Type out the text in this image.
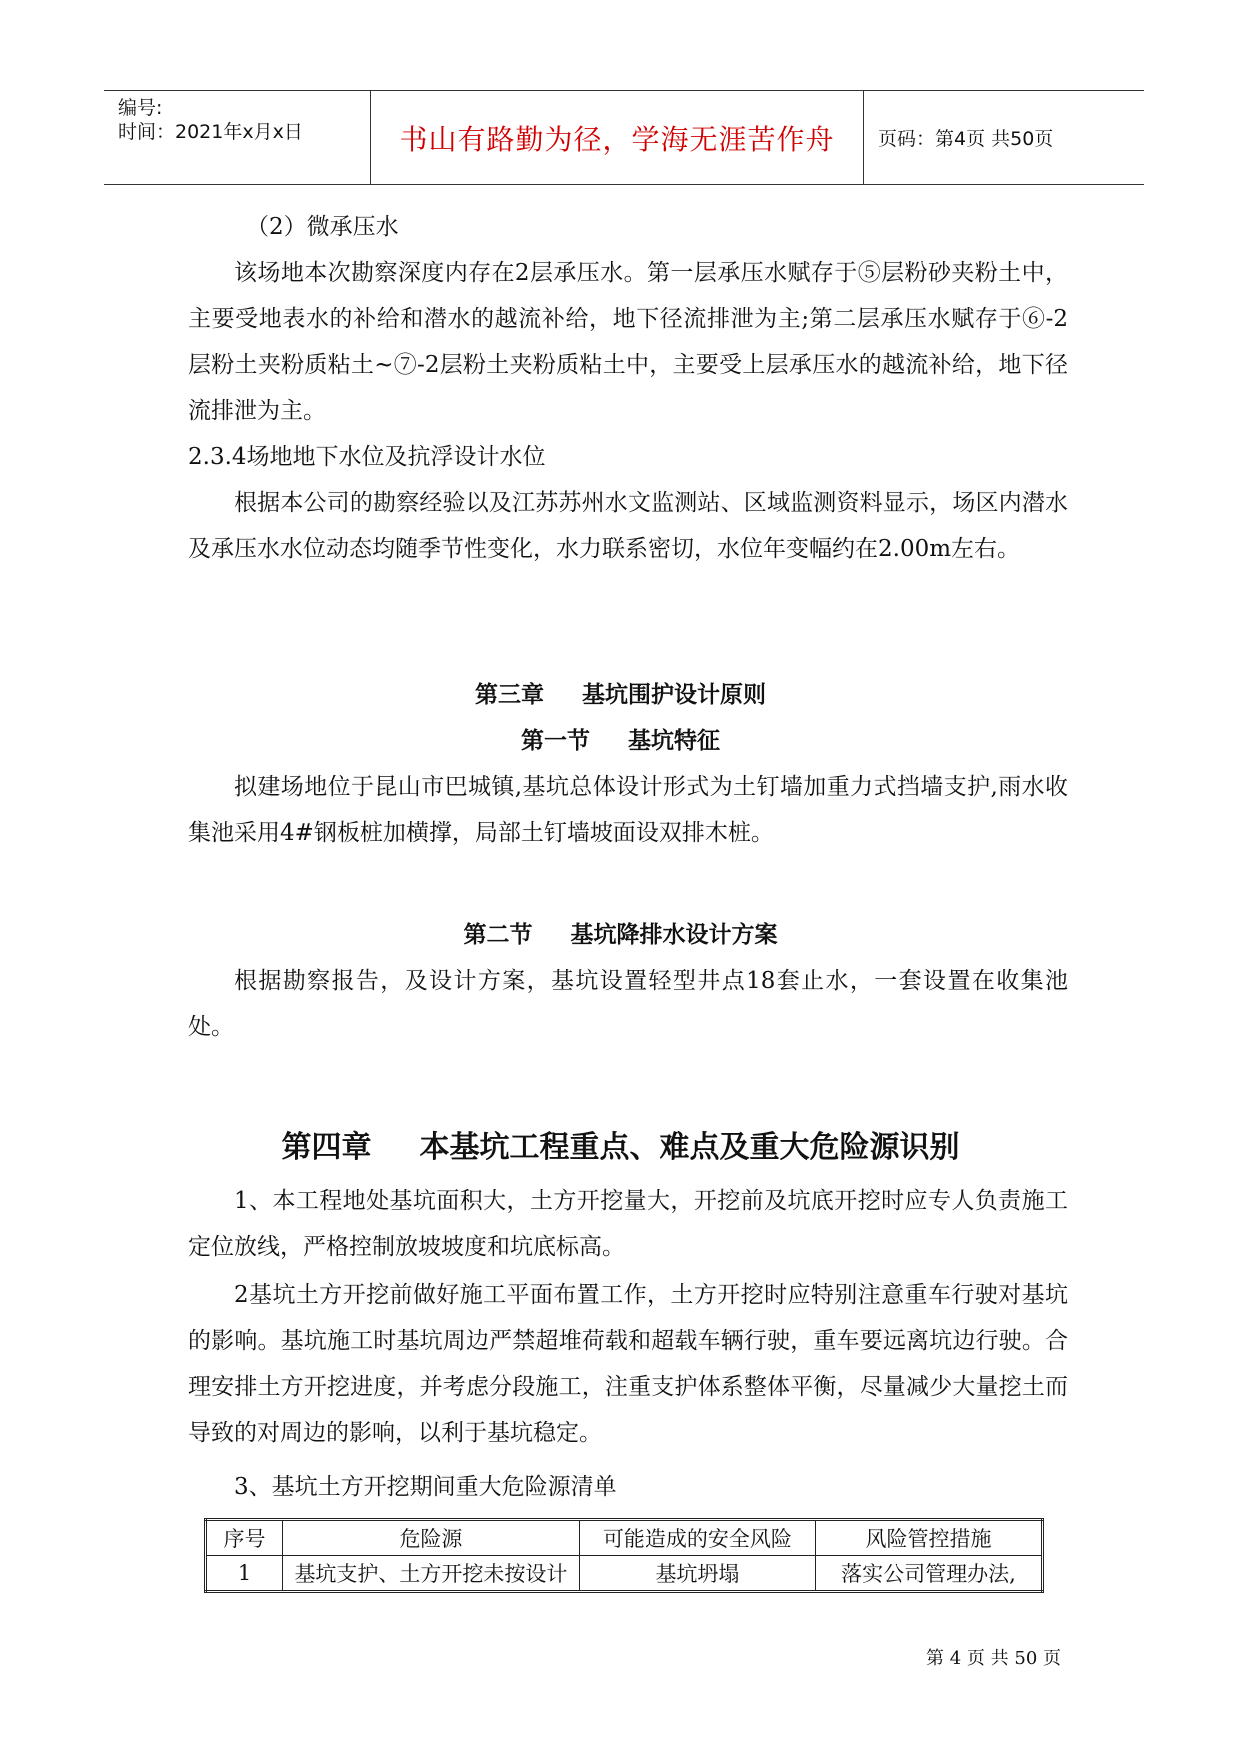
编号:
时间：2021年x月x日	书山有路勤为径，学海无涯苦作舟 页码：第4页 共50页

（2）微承压水

该场地本次勘察深度内存在2层承压水。第一层承压水赋存于⑤层粉砂夹粉土中，主要受地表水的补给和潜水的越流补给，地下径流排泄为主;第二层承压水赋存于⑥-2层粉土夹粉质粘土~⑦-2层粉土夹粉质粘土中，主要受上层承压水的越流补给，地下径流排泄为主。

2.3.4场地地下水位及抗浮设计水位

根据本公司的勘察经验以及江苏苏州水文监测站、区域监测资料显示，场区内潜水及承压水水位动态均随季节性变化，水力联系密切，水位年变幅约在2.00m左右。

第三章 基坑围护设计原则

第一节 基坑特征

拟建场地位于昆山市巴城镇,基坑总体设计形式为土钉墙加重力式挡墙支护,雨水收集池采用4#钢板桩加横撑，局部土钉墙坡面设双排木桩。

第二节 基坑降排水设计方案

根据勘察报告，及设计方案，基坑设置轻型井点18套止水，一套设置在收集池处。

第四章 本基坑工程重点、难点及重大危险源识别

1、本工程地处基坑面积大，土方开挖量大，开挖前及坑底开挖时应专人负责施工定位放线，严格控制放坡坡度和坑底标高。

2基坑土方开挖前做好施工平面布置工作，土方开挖时应特别注意重车行驶对基坑的影响。基坑施工时基坑周边严禁超堆荷载和超载车辆行驶，重车要远离坑边行驶。合理安排土方开挖进度，并考虑分段施工，注重支护体系整体平衡，尽量减少大量挖土而导致的对周边的影响，以利于基坑稳定。

3、基坑土方开挖期间重大危险源清单

序号	危险源	可能造成的安全风险	风险管控措施
1	基坑支护、土方开挖未按设计	基坑坍塌	落实公司管理办法,
第 4 页 共 50 页
